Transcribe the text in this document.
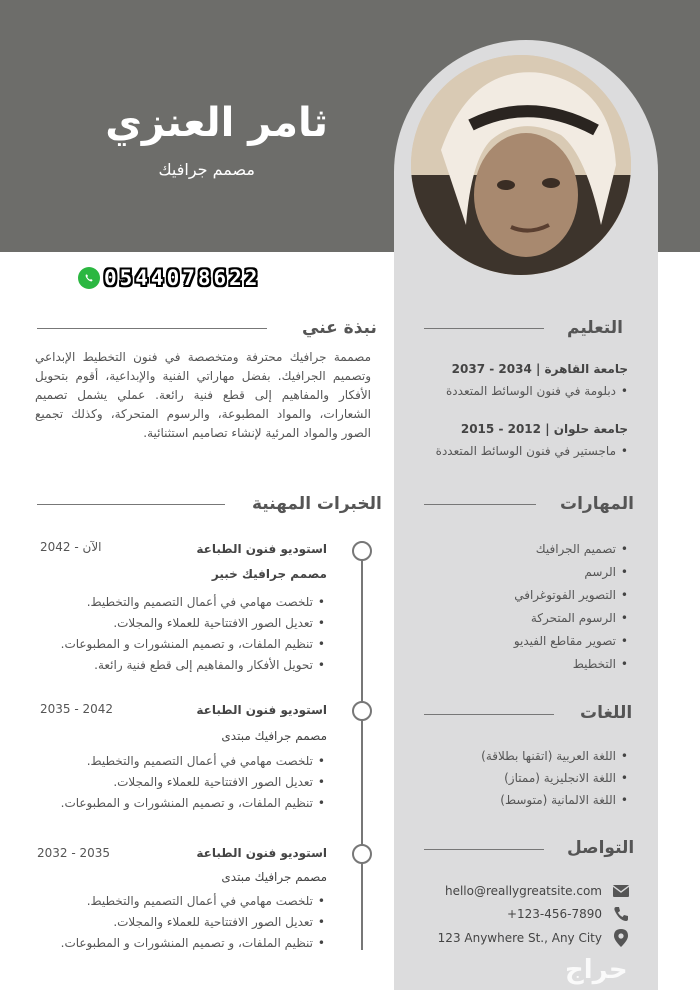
ثامر العنزي
مصمم جرافيك
0544078622
نبذة عني
مصممة جرافيك محترفة ومتخصصة في فنون التخطيط الإبداعي وتصميم الجرافيك. بفضل مهاراتي الفنية والإبداعية، أقوم بتحويل الأفكار والمفاهيم إلى قطع فنية رائعة. عملي يشمل تصميم الشعارات، والمواد المطبوعة، والرسوم المتحركة، وكذلك تجميع الصور والمواد المرئية لإنشاء تصاميم استثنائية.
التعليم
جامعة القاهرة | 2034 - 2037
• دبلومة في فنون الوسائط المتعددة
جامعة حلوان | 2012 - 2015
• ماجستير في فنون الوسائط المتعددة
الخبرات المهنية
استوديو فنون الطباعة
2042 - الآن
مصمم جرافيك خبير
• تلخصت مهامي في أعمال التصميم والتخطيط.
• تعديل الصور الافتتاحية للعملاء والمجلات.
• تنظيم الملفات، و تصميم المنشورات و المطبوعات.
• تحويل الأفكار والمفاهيم إلى قطع فنية رائعة.
استوديو فنون الطباعة
2035 - 2042
مصمم جرافيك مبتدى
• تلخصت مهامي في أعمال التصميم والتخطيط.
• تعديل الصور الافتتاحية للعملاء والمجلات.
• تنظيم الملفات، و تصميم المنشورات و المطبوعات.
استوديو فنون الطباعة
2032 - 2035
مصمم جرافيك مبتدى
• تلخصت مهامي في أعمال التصميم والتخطيط.
• تعديل الصور الافتتاحية للعملاء والمجلات.
• تنظيم الملفات، و تصميم المنشورات و المطبوعات.
المهارات
• تصميم الجرافيك
• الرسم
• التصوير الفوتوغرافي
• الرسوم المتحركة
• تصوير مقاطع الفيديو
• التخطيط
اللغات
• اللغة العربية (اتقنها بطلاقة)
• اللغة الانجليزية (ممتاز)
• اللغة الالمانية (متوسط)
التواصل
hello@reallygreatsite.com
+123-456-7890
123 Anywhere St., Any City
حراج
